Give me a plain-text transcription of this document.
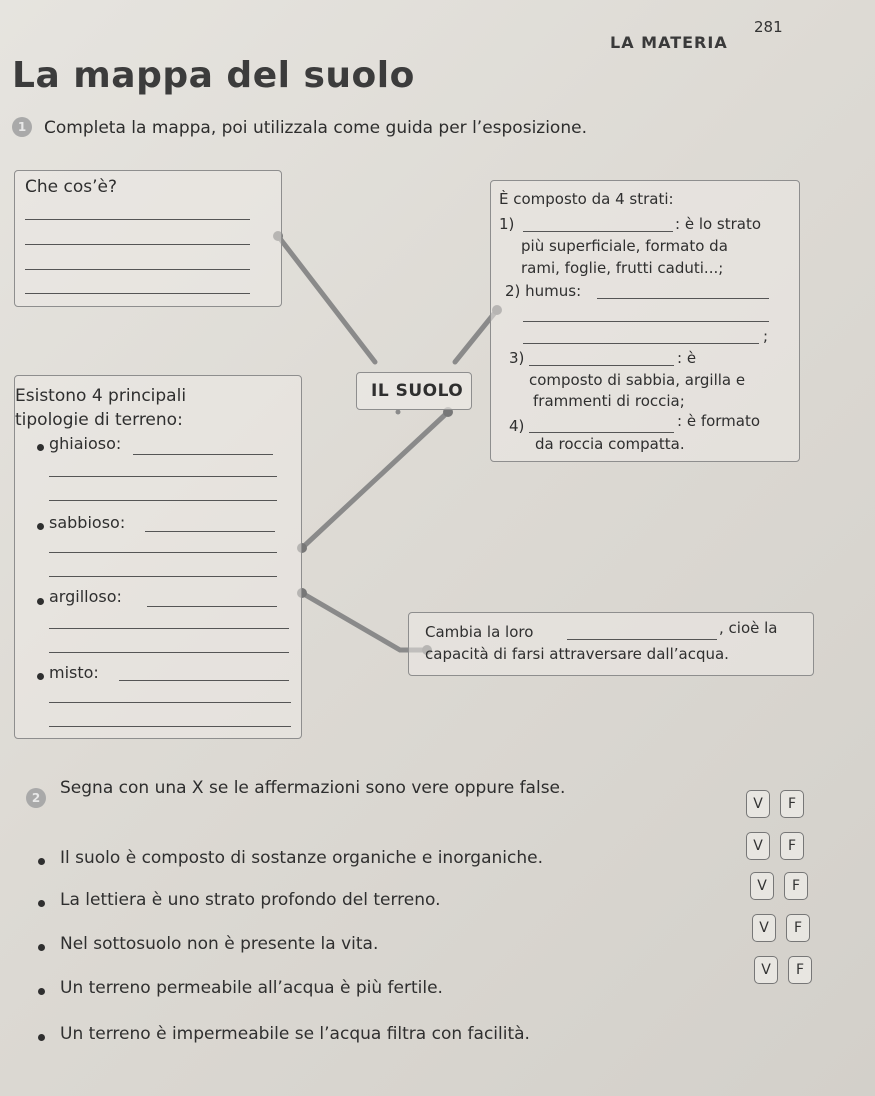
LA MATERIA
281
La mappa del suolo
1	Completa la mappa, poi utilizzala come guida per l’esposizione.
Che cos’è?
È composto da 4 strati:
1)	: è lo strato
più superficiale, formato da
rami, foglie, frutti caduti...;
2) humus:
;
3)	: è
composto di sabbia, argilla e
frammenti di roccia;
4)	: è formato
da roccia compatta.
IL SUOLO
Esistono 4 principali
tipologie di terreno:
ghiaioso:
sabbioso:
argilloso:
misto:
Cambia la loro	, cioè la
capacità di farsi attraversare dall’acqua.
2	Segna con una X se le affermazioni sono vere oppure false.
Il suolo è composto di sostanze organiche e inorganiche.
V	F
La lettiera è uno strato profondo del terreno.
V	F
Nel sottosuolo non è presente la vita.
V	F
Un terreno permeabile all’acqua è più fertile.
V	F
Un terreno è impermeabile se l’acqua filtra con facilità.
V	F
